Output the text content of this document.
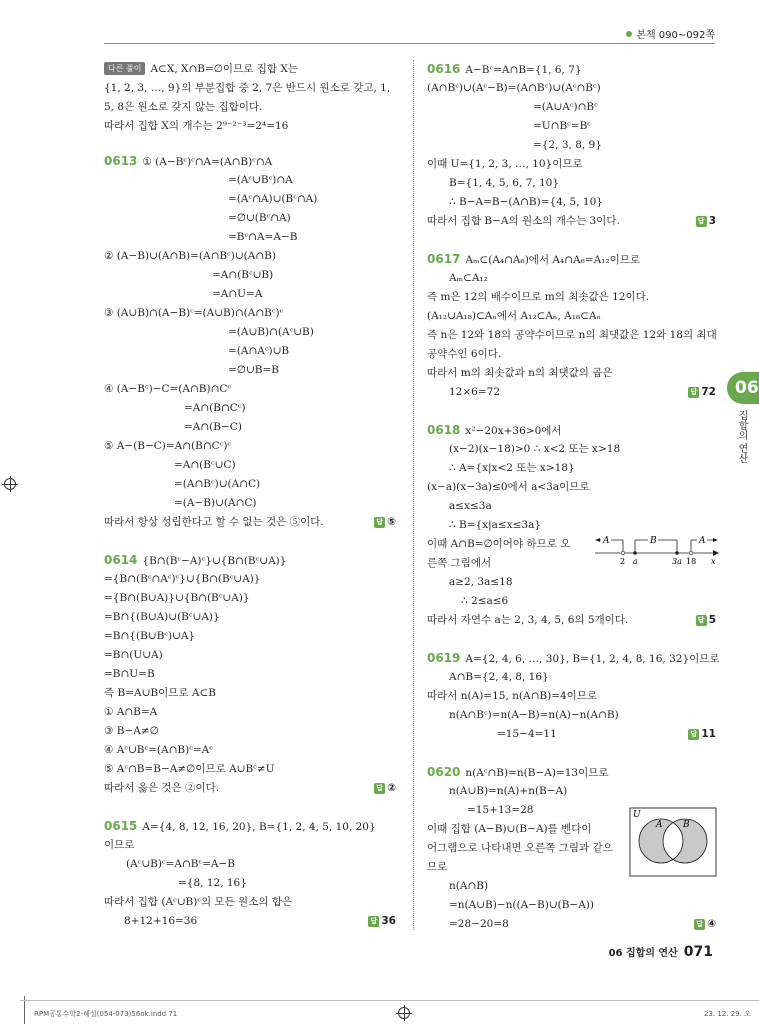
본책 090~092쪽
06
집합의 연산
다른 풀이 A⊂X, X∩B=∅이므로 집합 X는
{1, 2, 3, …, 9}의 부분집합 중 2, 7은 반드시 원소로 갖고, 1,
5, 8은 원소로 갖지 않는 집합이다.
따라서 집합 X의 개수는 2⁹⁻²⁻³=2⁴=16
0613 ① (A−Bᶜ)ᶜ∩A=(A∩B)ᶜ∩A
=(Aᶜ∪Bᶜ)∩A
=(Aᶜ∩A)∪(Bᶜ∩A)
=∅∪(Bᶜ∩A)
=Bᶜ∩A=A−B
② (A−B)∪(A∩B)=(A∩Bᶜ)∪(A∩B)
=A∩(Bᶜ∪B)
=A∩U=A
③ (A∪B)∩(A−B)ᶜ=(A∪B)∩(A∩Bᶜ)ᶜ
=(A∪B)∩(Aᶜ∪B)
=(A∩Aᶜ)∪B
=∅∪B=B
④ (A−Bᶜ)−C=(A∩B)∩Cᶜ
=A∩(B∩Cᶜ)
=A∩(B−C)
⑤ A−(B−C)=A∩(B∩Cᶜ)ᶜ
=A∩(Bᶜ∪C)
=(A∩Bᶜ)∪(A∩C)
=(A−B)∪(A∩C)
따라서 항상 성립한다고 할 수 없는 것은 ⑤이다.	답 ⑤
0614 {B∩(Bᶜ−A)ᶜ}∪{B∩(Bᶜ∪A)}
={B∩(Bᶜ∩Aᶜ)ᶜ}∪{B∩(Bᶜ∪A)}
={B∩(B∪A)}∪{B∩(Bᶜ∪A)}
=B∩{(B∪A)∪(Bᶜ∪A)}
=B∩{(B∪Bᶜ)∪A}
=B∩(U∪A)
=B∩U=B
즉 B=A∪B이므로 A⊂B
① A∩B=A
③ B−A≠∅
④ Aᶜ∪Bᶜ=(A∩B)ᶜ=Aᶜ
⑤ Aᶜ∩B=B−A≠∅이므로 A∪Bᶜ≠U
따라서 옳은 것은 ②이다.	답 ②
0615 A={4, 8, 12, 16, 20}, B={1, 2, 4, 5, 10, 20}
이므로
(Aᶜ∪B)ᶜ=A∩Bᶜ=A−B
={8, 12, 16}
따라서 집합 (Aᶜ∪B)ᶜ의 모든 원소의 합은
8+12+16=36	답 36
0616 A−Bᶜ=A∩B={1, 6, 7}
(A∩Bᶜ)∪(Aᶜ−B)=(A∩Bᶜ)∪(Aᶜ∩Bᶜ)
=(A∪Aᶜ)∩Bᶜ
=U∩Bᶜ=Bᶜ
={2, 3, 8, 9}
이때 U={1, 2, 3, …, 10}이므로
B={1, 4, 5, 6, 7, 10}
∴ B−A=B−(A∩B)={4, 5, 10}
따라서 집합 B−A의 원소의 개수는 3이다.	답 3
0617 Aₘ⊂(A₄∩A₆)에서 A₄∩A₆=A₁₂이므로
Aₘ⊂A₁₂
즉 m은 12의 배수이므로 m의 최솟값은 12이다.
(A₁₂∪A₁₈)⊂Aₙ에서 A₁₂⊂Aₙ, A₁₈⊂Aₙ
즉 n은 12와 18의 공약수이므로 n의 최댓값은 12와 18의 최대
공약수인 6이다.
따라서 m의 최솟값과 n의 최댓값의 곱은
12×6=72	답 72
0618 x²−20x+36>0에서
(x−2)(x−18)>0 ∴ x<2 또는 x>18
∴ A={x|x<2 또는 x>18}
(x−a)(x−3a)≤0에서 a<3a이므로
a≤x≤3a
∴ B={x|a≤x≤3a}
이때 A∩B=∅이어야 하므로 오
른쪽 그림에서
a≥2, 3a≤18
∴ 2≤a≤6
따라서 자연수 a는 2, 3, 4, 5, 6의 5개이다.	답 5
A	B	A
2 a	3a 18 x
0619 A={2, 4, 6, …, 30}, B={1, 2, 4, 8, 16, 32}이므로
A∩B={2, 4, 8, 16}
따라서 n(A)=15, n(A∩B)=4이므로
n(A∩Bᶜ)=n(A−B)=n(A)−n(A∩B)
=15−4=11	답 11
0620 n(Aᶜ∩B)=n(B−A)=13이므로
n(A∪B)=n(A)+n(B−A)
=15+13=28
이때 집합 (A−B)∪(B−A)를 벤다이
어그램으로 나타내면 오른쪽 그림과 같으
므로
n(A∩B)
=n(A∪B)−n((A−B)∪(B−A))
=28−20=8	답 ④
U
A B
06 집합의 연산 071
RPM공통수학2-해설(054-073)56ok.indd 71	23. 12. 29. 오
